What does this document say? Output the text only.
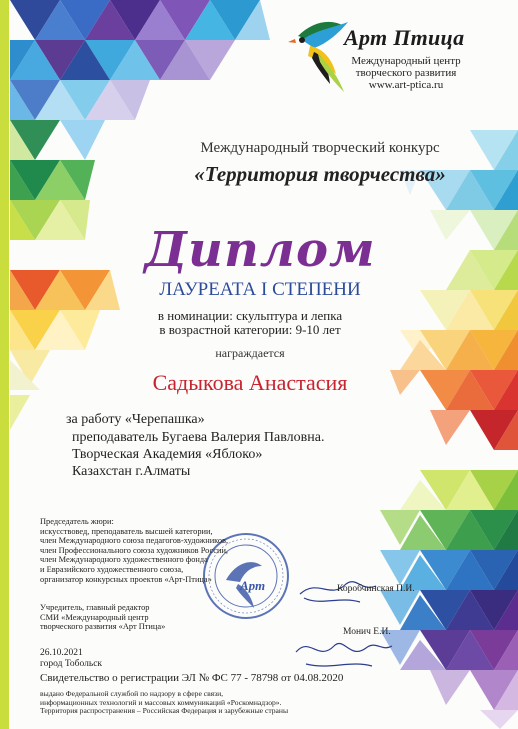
Арт Птица
Международный центр
творческого развития
www.art-ptica.ru
Международный творческий конкурс
«Территория творчества»
Диплом
ЛАУРЕАТА I СТЕПЕНИ
в номинации: скульптура и лепка
в возрастной категории: 9-10 лет
награждается
Садыкова Анастасия
за работу «Черепашка»
преподаватель Бугаева Валерия Павловна.
Творческая Академия «Яблоко»
Казахстан г.Алматы
Председатель жюри:
искусствовед, преподаватель высшей категории,
член Международного союза педагогов-художников,
член Профессионального союза художников России,
член Международного художественного фонда
и Евразийского художественного союза,
организатор конкурсных проектов «Арт-Птица»
Коробчинская П.И.
Арт
Учредитель, главный редактор
СМИ «Международный центр
творческого развития «Арт Птица»
Монич Е.И.
26.10.2021
город Тобольск
Свидетельство о регистрации ЭЛ № ФС 77 - 78798 от 04.08.2020
выдано Федеральной службой по надзору в сфере связи,
информационных технологий и массовых коммуникаций «Роскомнадзор».
Территория распространения – Российская Федерация и зарубежные страны
